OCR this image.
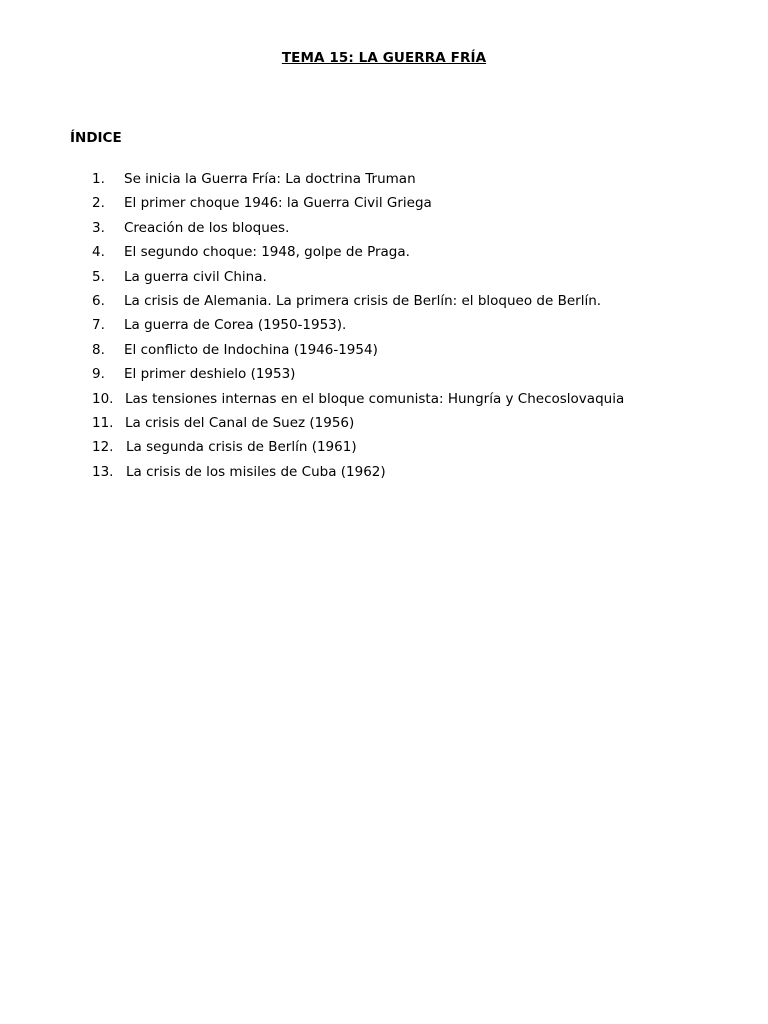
TEMA 15: LA GUERRA FRÍA
ÍNDICE
1. Se inicia la Guerra Fría: La doctrina Truman
2. El primer choque 1946: la Guerra Civil Griega
3. Creación de los bloques.
4. El segundo choque: 1948, golpe de Praga.
5. La guerra civil China.
6. La crisis de Alemania. La primera crisis de Berlín: el bloqueo de Berlín.
7. La guerra de Corea (1950-1953).
8. El conflicto de Indochina (1946-1954)
9. El primer deshielo (1953)
10. Las tensiones internas en el bloque comunista: Hungría y Checoslovaquia
11. La crisis del Canal de Suez (1956)
12. La segunda crisis de Berlín (1961)
13. La crisis de los misiles de Cuba (1962)
